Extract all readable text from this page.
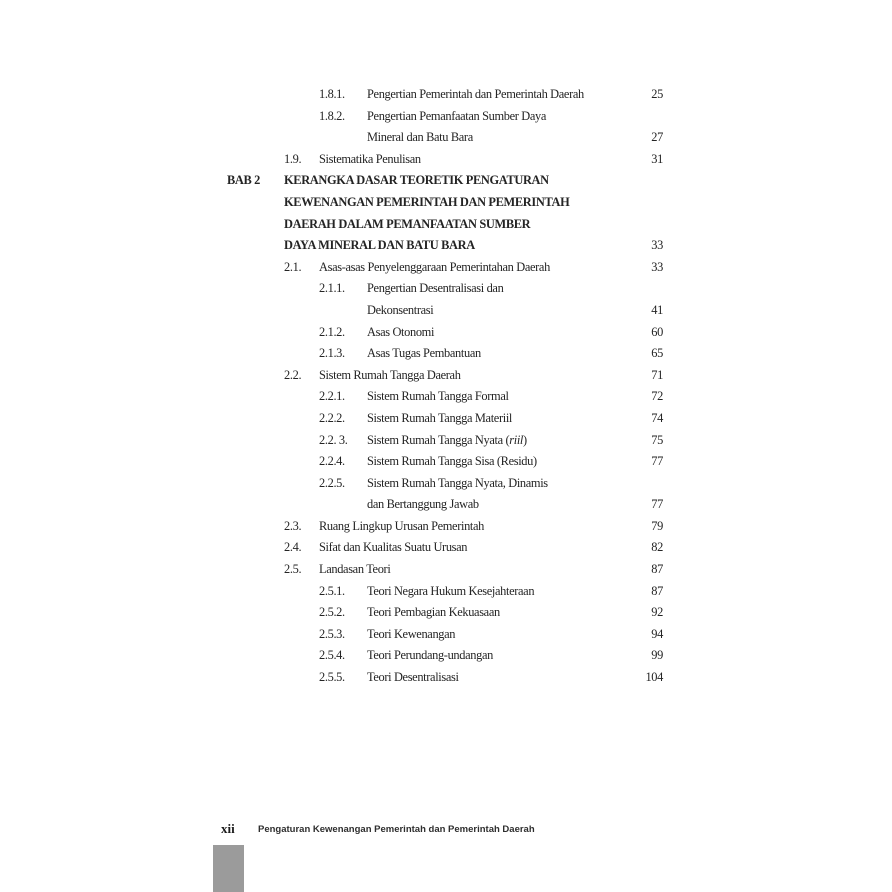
1.8.1.	Pengertian Pemerintah dan Pemerintah Daerah	25
1.8.2.	Pengertian Pemanfaatan Sumber Daya
Mineral dan Batu Bara	27
1.9.	Sistematika Penulisan	31
BAB 2	KERANGKA DASAR TEORETIK PENGATURAN
KEWENANGAN PEMERINTAH DAN PEMERINTAH
DAERAH DALAM PEMANFAATAN SUMBER
DAYA MINERAL DAN BATU BARA	33
2.1.	Asas-asas Penyelenggaraan Pemerintahan Daerah	33
2.1.1.	Pengertian Desentralisasi dan
Dekonsentrasi	41
2.1.2.	Asas Otonomi	60
2.1.3.	Asas Tugas Pembantuan	65
2.2.	Sistem Rumah Tangga Daerah	71
2.2.1.	Sistem Rumah Tangga Formal	72
2.2.2.	Sistem Rumah Tangga Materiil	74
2.2. 3.	Sistem Rumah Tangga Nyata (riil)	75
2.2.4.	Sistem Rumah Tangga Sisa (Residu)	77
2.2.5.	Sistem Rumah Tangga Nyata, Dinamis
dan Bertanggung Jawab	77
2.3.	Ruang Lingkup Urusan Pemerintah	79
2.4.	Sifat dan Kualitas Suatu Urusan	82
2.5.	Landasan Teori	87
2.5.1.	Teori Negara Hukum Kesejahteraan	87
2.5.2.	Teori Pembagian Kekuasaan	92
2.5.3.	Teori Kewenangan	94
2.5.4.	Teori Perundang-undangan	99
2.5.5.	Teori Desentralisasi	104
xii Pengaturan Kewenangan Pemerintah dan Pemerintah Daerah
